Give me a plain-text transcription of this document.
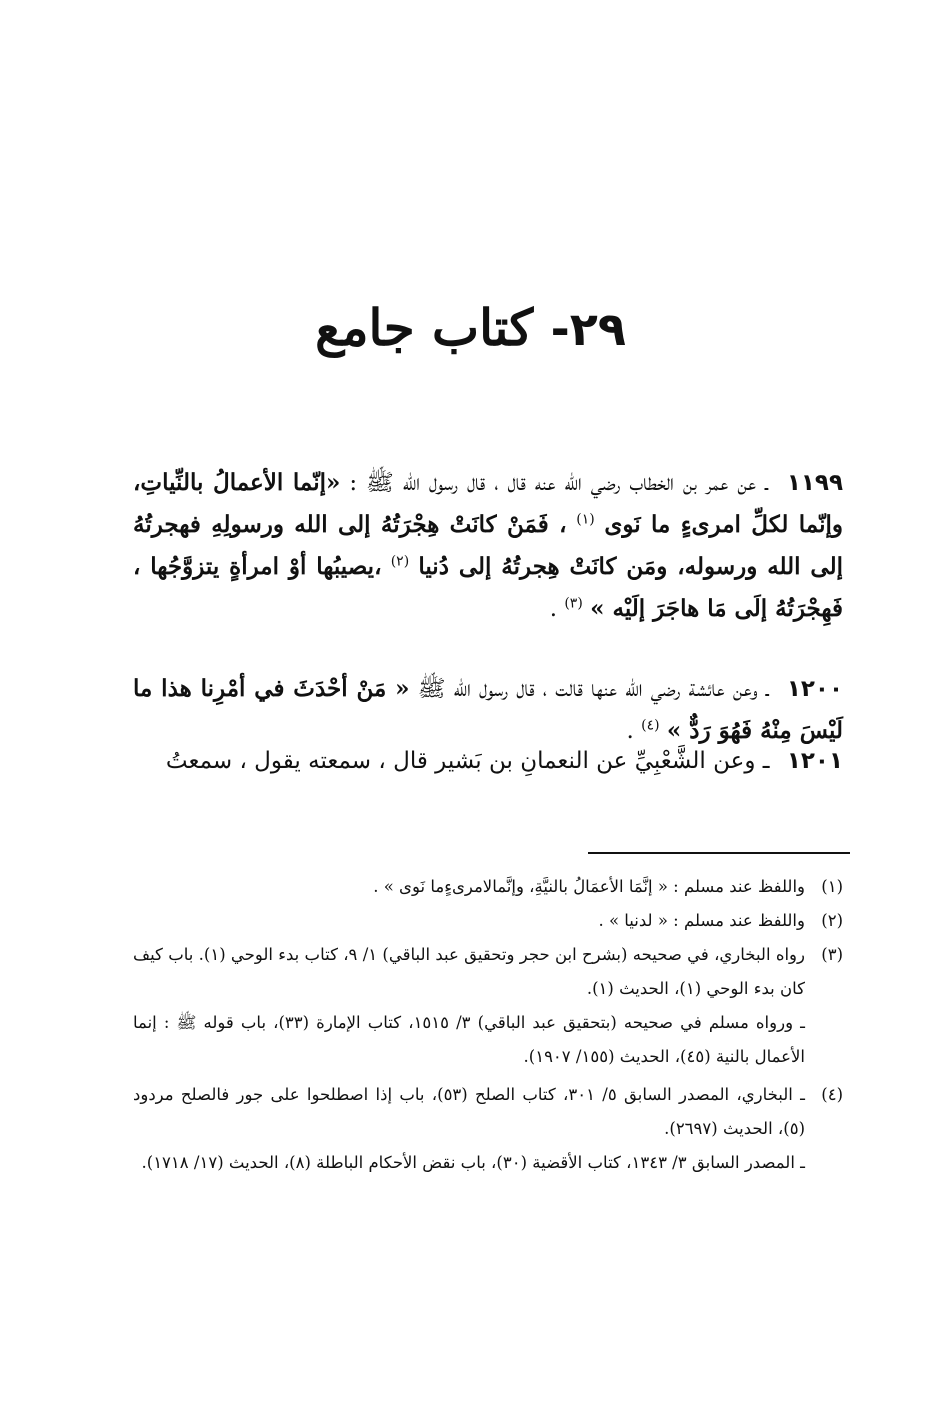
٢٩- كتاب جامع
١١٩٩ ـ عن عمر بن الخطاب رضي الله عنه قال ، قال رسول الله ﷺ : «إنّما الأعمالُ بالنِّياتِ، وإنّما لكلِّ امرىءٍ ما نَوى $^{(١)}$ ، فَمَنْ كانَتْ هِجْرَتُهُ إلى الله ورسولِهِ فهجرتُهُ إلى الله ورسوله، ومَن كانَتْ هِجرتُهُ إلى دُنيا $^{(٢)}$ ،يصيبُها أوْ امرأةٍ يتزوَّجُها ، فَهِجْرَتُهُ إلَى مَا هاجَرَ إلَيْه » $^{(٣)}$ .
١٢٠٠ ـ وعن عائشة رضي الله عنها قالت ، قال رسول الله ﷺ « مَنْ أحْدَثَ في أمْرِنا هذا ما لَيْسَ مِنْهُ فَهُوَ رَدٌّ » $^{(٤)}$ .
١٢٠١ ـ وعن الشَّعْبِيِّ عن النعمانِ بن بَشير قال ، سمعته يقول ، سمعتُ
(١)
واللفظ عند مسلم : « إنَّمَا الأعمَالُ بالنيَّةِ، وإنَّمالامرىءٍما نَوى » .
(٢)
واللفظ عند مسلم : « لدنيا » .
(٣)
رواه البخاري، في صحيحه (بشرح ابن حجر وتحقيق عبد الباقي) ١/ ٩، كتاب بدء الوحي (١). باب كيف كان بدء الوحي (١)، الحديث (١).
ـ ورواه مسلم في صحيحه (بتحقيق عبد الباقي) ٣/ ١٥١٥، كتاب الإمارة (٣٣)، باب قوله ﷺ : إنما الأعمال بالنية (٤٥)، الحديث (١٥٥/ ١٩٠٧).
(٤)
ـ البخاري، المصدر السابق ٥/ ٣٠١، كتاب الصلح (٥٣)، باب إذا اصطلحوا على جور فالصلح مردود (٥)، الحديث (٢٦٩٧).
ـ المصدر السابق ٣/ ١٣٤٣، كتاب الأقضية (٣٠)، باب نقض الأحكام الباطلة (٨)، الحديث (١٧/ ١٧١٨).
